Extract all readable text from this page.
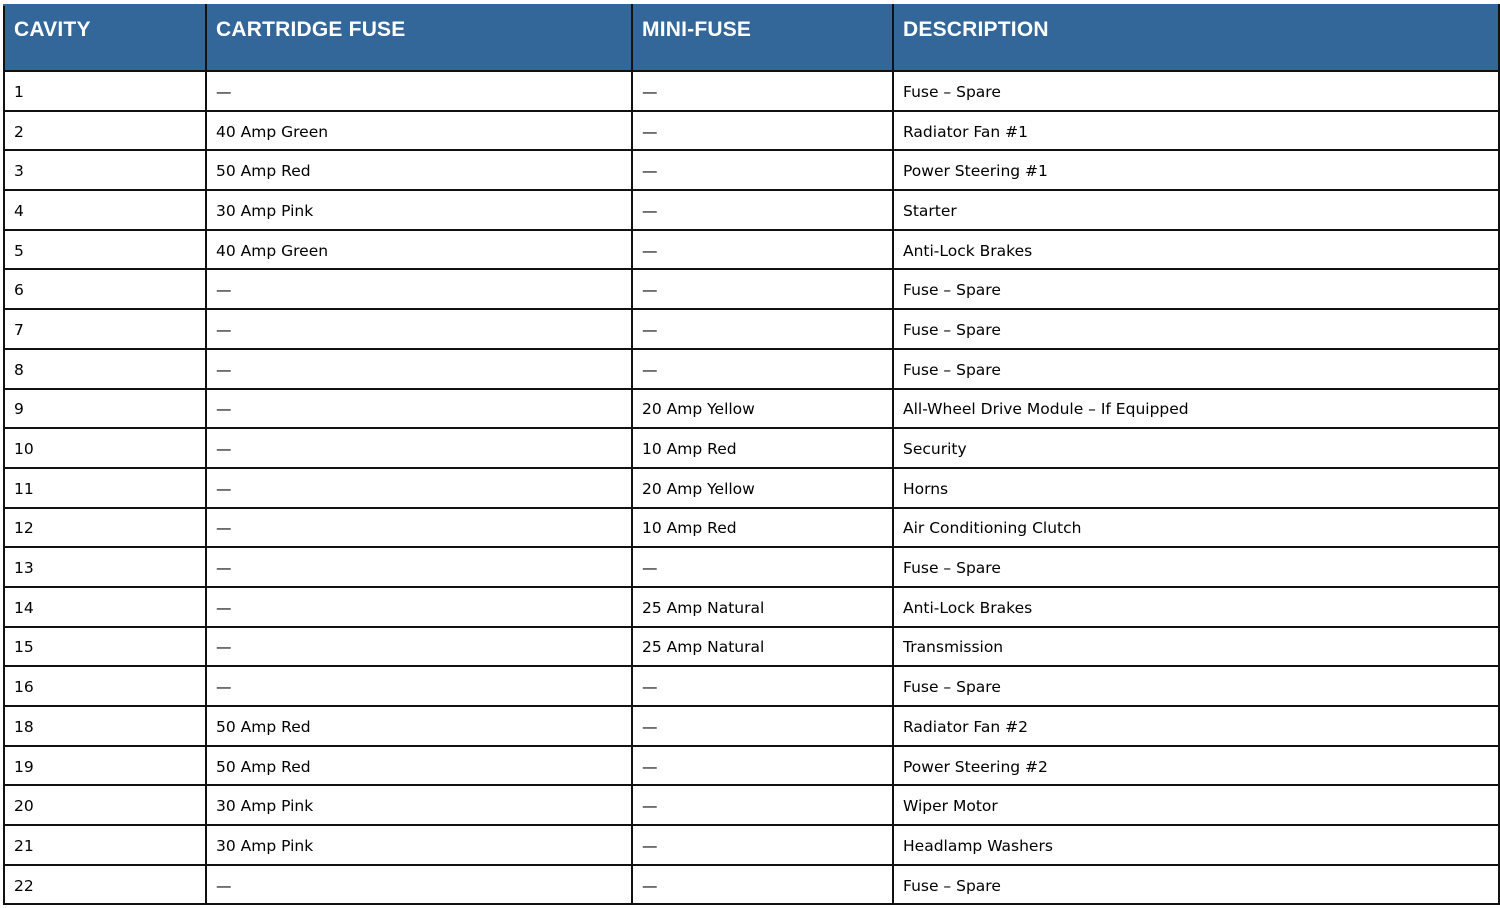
CAVITY	CARTRIDGE FUSE	MINI-FUSE	DESCRIPTION
1	—	—	Fuse – Spare
2	40 Amp Green	—	Radiator Fan #1
3	50 Amp Red	—	Power Steering #1
4	30 Amp Pink	—	Starter
5	40 Amp Green	—	Anti-Lock Brakes
6	—	—	Fuse – Spare
7	—	—	Fuse – Spare
8	—	—	Fuse – Spare
9	—	20 Amp Yellow	All-Wheel Drive Module – If Equipped
10	—	10 Amp Red	Security
11	—	20 Amp Yellow	Horns
12	—	10 Amp Red	Air Conditioning Clutch
13	—	—	Fuse – Spare
14	—	25 Amp Natural	Anti-Lock Brakes
15	—	25 Amp Natural	Transmission
16	—	—	Fuse – Spare
18	50 Amp Red	—	Radiator Fan #2
19	50 Amp Red	—	Power Steering #2
20	30 Amp Pink	—	Wiper Motor
21	30 Amp Pink	—	Headlamp Washers
22	—	—	Fuse – Spare
